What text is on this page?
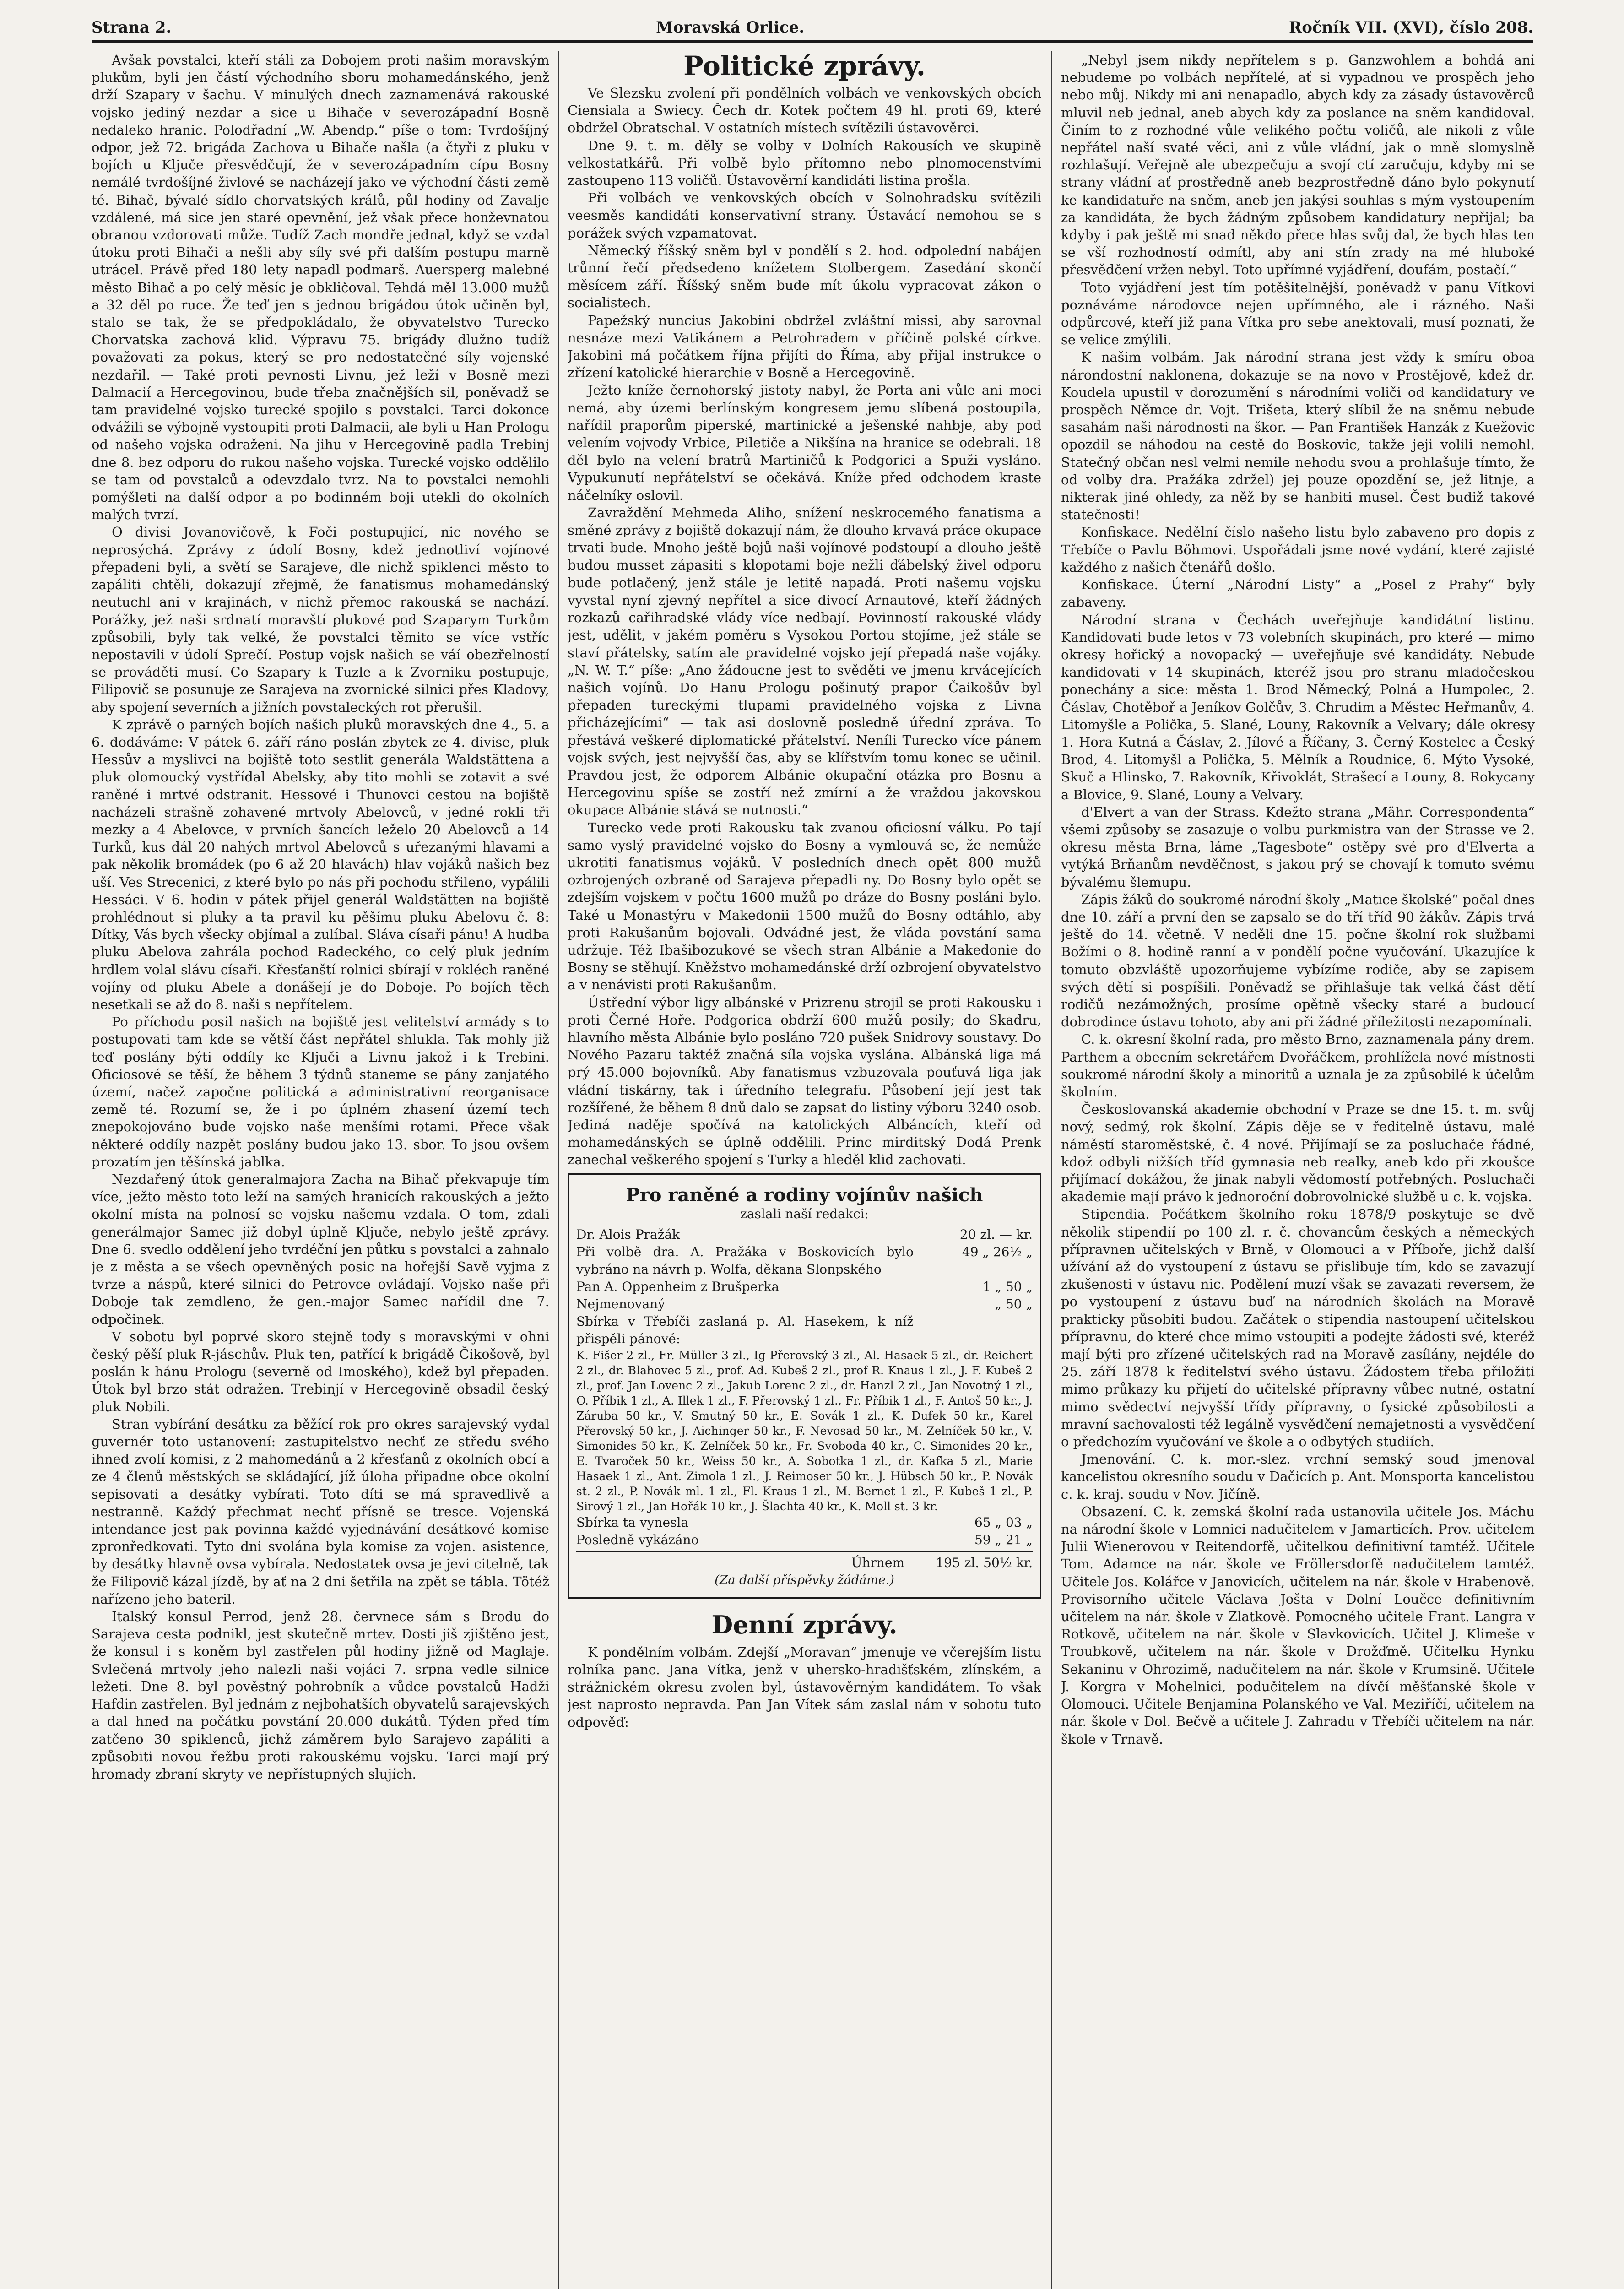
Strana 2.	Moravská Orlice.	Ročník VII. (XVI), číslo 208.

Avšak povstalci, kteří stáli za Dobojem proti našim moravským plukům, byli jen částí východního sboru mohamedánského, jenž drží Szapary v šachu. V minulých dnech zaznamenává rakouské vojsko jediný nezdar a sice u Bihače v severozápadní Bosně nedaleko hranic. Polodřadní „W. Abendp.“ píše o tom: Tvrdošíjný odpor, jež 72. brigáda Zachova u Bihače našla (a čtyři z pluku v bojích u Ključe přesvědčují, že v severozápadním cípu Bosny nemálé tvrdošíjné živlové se nacházejí jako ve východní části země té. Bihač, bývalé sídlo chorvatských králů, půl hodiny od Zavalje vzdálené, má sice jen staré opevnění, jež však přece honževnatou obranou vzdorovati může. Tudíž Zach mondře jednal, když se vzdal útoku proti Bihači a nešli aby síly své při dalším postupu marně utrácel. Právě před 180 lety napadl podmarš. Auersperg malebné město Bihač a po celý měsíc je obkličoval. Tehdá měl 13.000 mužů a 32 děl po ruce. Že teď jen s jednou brigádou útok učiněn byl, stalo se tak, že se předpokládalo, že obyvatelstvo Turecko Chorvatska zachová klid. Výpravu 75. brigády dlužno tudíž považovati za pokus, který se pro nedostatečné síly vojenské nezdařil. — Také proti pevnosti Livnu, jež leží v Bosně mezi Dalmacií a Hercegovinou, bude třeba značnějších sil, poněvadž se tam pravidelné vojsko turecké spojilo s povstalci. Tarci dokonce odvážili se výbojně vystoupiti proti Dalmacii, ale byli u Han Prologu od našeho vojska odraženi. Na jihu v Hercegovině padla Trebinj dne 8. bez odporu do rukou našeho vojska. Turecké vojsko oddělilo se tam od povstalců a odevzdalo tvrz. Na to povstalci nemohli pomýšleti na další odpor a po bodinném boji utekli do okolních malých tvrzí.

O divisi Jovanovičově, k Foči postupující, nic nového se neprosýchá. Zprávy z údolí Bosny, kdež jednotliví vojínové přepadeni byli, a světí se Sarajeve, dle nichž spiklenci město to zapáliti chtěli, dokazují zřejmě, že fanatismus mohamedánský neutuchl ani v krajinách, v nichž přemoc rakouská se nachází. Porážky, jež naši srdnatí moravští plukové pod Szaparym Turkům způsobili, byly tak velké, že povstalci těmito se více vstříc nepostavili v údolí Sprečí. Postup vojsk našich se váí obezřelností se prováděti musí. Co Szapary k Tuzle a k Zvorniku postupuje, Filipovič se posunuje ze Sarajeva na zvornické silnici přes Kladovy, aby spojení severních a jižních povstaleckých rot přerušil.

K zprávě o parných bojích našich pluků moravských dne 4., 5. a 6. dodáváme: V pátek 6. září ráno poslán zbytek ze 4. divise, pluk Hessův a myslivci na bojiště toto sestlit generála Waldstättena a pluk olomoucký vystřídal Abelsky, aby tito mohli se zotavit a své raněné i mrtvé odstranit. Hessové i Thunovci cestou na bojiště nacházeli strašně zohavené mrtvoly Abelovců, v jedné rokli tři mezky a 4 Abelovce, v prvních šancích leželo 20 Abelovců a 14 Turků, kus dál 20 nahých mrtvol Abelovců s uřezanými hlavami a pak několik bromádek (po 6 až 20 hlavách) hlav vojáků našich bez uší. Ves Strecenici, z které bylo po nás při pochodu střileno, vypálili Hessáci. V 6. hodin v pátek přijel generál Waldstätten na bojiště prohlédnout si pluky a ta pravil ku pěšímu pluku Abelovu č. 8: Dítky, Vás bych všecky objímal a zulíbal. Sláva císaři pánu! A hudba pluku Abelova zahrála pochod Radeckého, co celý pluk jedním hrdlem volal slávu císaři. Křesťanští rolnici sbírají v rokléch raněné vojíny od pluku Abele a donášejí je do Doboje. Po bojích těch nesetkali se až do 8. naši s nepřítelem.

Po příchodu posil našich na bojiště jest velitelství armády s to postupovati tam kde se větší část nepřátel shlukla. Tak mohly již teď poslány býti oddíly ke Ključi a Livnu jakož i k Trebini. Oficiosové se těší, že během 3 týdnů staneme se pány zanjatého území, načež započne politická a administrativní reorganisace země té. Rozumí se, že i po úplném zhasení území tech znepokojováno bude vojsko naše menšími rotami. Přece však některé oddíly nazpět poslány budou jako 13. sbor. To jsou ovšem prozatím jen těšínská jablka.

Nezdařený útok generalmajora Zacha na Bihač překvapuje tím více, ježto město toto leží na samých hranicích rakouských a ježto okolní místa na polnosí se vojsku našemu vzdala. O tom, zdali generálmajor Samec již dobyl úplně Ključe, nebylo ještě zprávy. Dne 6. svedlo oddělení jeho tvrdéční jen půtku s povstalci a zahnalo je z města a se všech opevněných posic na hořejší Savě vyjma z tvrze a náspů, které silnici do Petrovce ovládají. Vojsko naše při Doboje tak zemdleno, že gen.-major Samec nařídil dne 7. odpočinek.

V sobotu byl poprvé skoro stejně tody s moravskými v ohni český pěší pluk R-jáschův. Pluk ten, patřící k brigádě Čikošově, byl poslán k hánu Prologu (severně od Imoského), kdež byl přepaden. Útok byl brzo stát odražen. Trebinjí v Hercegovině obsadil český pluk Nobili.

Stran vybírání desátku za běžící rok pro okres sarajevský vydal guvernér toto ustanovení: zastupitelstvo nechť ze středu svého ihned zvolí komisi, z 2 mahomedánů a 2 křesťanů z okolních obcí a ze 4 členů městských se skládající, jíž úloha připadne obce okolní sepisovati a desátky vybírati. Toto díti se má spravedlivě a nestranně. Každý přechmat nechť přísně se tresce. Vojenská intendance jest pak povinna každé vyjednávání desátkové komise zpronředkovati. Tyto dni svolána byla komise za vojen. asistence, by desátky hlavně ovsa vybírala. Nedostatek ovsa je jevi citelně, tak že Filipovič kázal jízdě, by ať na 2 dni šetřila na zpět se tábla. Tötéž nařízeno jeho bateril.

Italský konsul Perrod, jenž 28. červnece sám s Brodu do Sarajeva cesta podnikl, jest skutečně mrtev. Dosti jiš zjištěno jest, že konsul i s koněm byl zastřelen půl hodiny jižně od Maglaje. Svlečená mrtvoly jeho nalezli naši vojáci 7. srpna vedle silnice ležeti. Dne 8. byl pověstný pohrobník a vůdce povstalců Hadži Hafdin zastřelen. Byl jednám z nejbohatších obyvatelů sarajevských a dal hned na počátku povstání 20.000 dukátů. Týden před tím zatčeno 30 spiklenců, jichž záměrem bylo Sarajevo zapáliti a způsobiti novou řežbu proti rakouskému vojsku. Tarci mají prý hromady zbraní skryty ve nepřístupných slujích.

Politické zprávy.

Ve Slezsku zvolení při pondělních volbách ve venkovských obcích Ciensiala a Swiecy. Čech dr. Kotek počtem 49 hl. proti 69, které obdržel Obratschal. V ostatních místech svítězili ústavověrci.

Dne 9. t. m. děly se volby v Dolních Rakousích ve skupině velkostatkářů. Při volbě bylo přítomno nebo plnomocenstvími zastoupeno 113 voličů. Ústavověrní kandidáti listina prošla.

Při volbách ve venkovských obcích v Solnohradsku svítězili veesměs kandidáti konservativní strany. Ústavácí nemohou se s porážek svých vzpamatovat.

Německý říšský sněm byl v pondělí s 2. hod. odpolední nabájen trůnní řečí předsedeno knížetem Stolbergem. Zasedání skončí měsícem září. Říšský sněm bude mít úkolu vypracovat zákon o socialistech.

Papežský nuncius Jakobini obdržel zvláštní missi, aby sarovnal nesnáze mezi Vatikánem a Petrohradem v příčině polské církve. Jakobini má počátkem října přijíti do Říma, aby přijal instrukce o zřízení katolické hierarchie v Bosně a Hercegovině.

Ježto kníže černohorský jistoty nabyl, že Porta ani vůle ani moci nemá, aby územi berlínským kongresem jemu slíbená postoupila, nařídil praporům piperské, martinické a ješenské nahbje, aby pod velením vojvody Vrbice, Piletiče a Nikšína na hranice se odebrali. 18 děl bylo na velení bratrů Martiničů k Podgorici a Spuži vysláno. Vypukunutí nepřátelství se očekává. Kníže před odchodem kraste náčelníky oslovil.

Zavraždění Mehmeda Aliho, snížení neskrocemého fanatisma a směné zprávy z bojiště dokazují nám, že dlouho krvavá práce okupace trvati bude. Mnoho ještě bojů naši vojínové podstoupí a dlouho ještě budou musset zápasiti s klopotami boje nežli ďábelský živel odporu bude potlačený, jenž stále je letitě napadá. Proti našemu vojsku vyvstal nyní zjevný nepřítel a sice divocí Arnautové, kteří žádných rozkazů cařihradské vlády více nedbají. Povinností rakouské vlády jest, udělit, v jakém poměru s Vysokou Portou stojíme, jež stále se staví přátelsky, satím ale pravidelné vojsko její přepadá naše vojáky. „N. W. T.“ píše: „Ano žádoucne jest to svěděti ve jmenu krvácejících našich vojínů. Do Hanu Prologu pošinutý prapor Čaikošův byl přepaden tureckými tlupami pravidelného vojska z Livna přicházejícími“ — tak asi doslovně posledně úřední zpráva. To přestává veškeré diplomatické přátelství. Neníli Turecko více pánem vojsk svých, jest nejvyšší čas, aby se klířstvím tomu konec se učinil. Pravdou jest, že odporem Albánie okupační otázka pro Bosnu a Hercegovinu spíše se zostří než zmírní a že vraždou jakovskou okupace Albánie stává se nutnosti.“

Turecko vede proti Rakousku tak zvanou oficiosní válku. Po tají samo vyslý pravidelné vojsko do Bosny a vymlouvá se, že nemůže ukrotiti fanatismus vojáků. V posledních dnech opět 800 mužů ozbrojených ozbraně od Sarajeva přepadli ny. Do Bosny bylo opět se zdejším vojskem v počtu 1600 mužů po dráze do Bosny posláni bylo. Také u Monastýru v Makedonii 1500 mužů do Bosny odtáhlo, aby proti Rakušanům bojovali. Odvádné jest, že vláda povstání sama udržuje. Též Ibašibozukové se všech stran Albánie a Makedonie do Bosny se stěhují. Kněžstvo mohamedánské drží ozbrojení obyvatelstvo a v nenávisti proti Rakušanům.

Ústřední výbor ligy albánské v Prizrenu strojil se proti Rakousku i proti Černé Hoře. Podgorica obdrží 600 mužů posily; do Skadru, hlavního města Albánie bylo posláno 720 pušek Snidrovy soustavy. Do Nového Pazaru taktéž značná síla vojska vyslána. Albánská liga má prý 45.000 bojovníků. Aby fanatismus vzbuzovala pouťuvá liga jak vládní tiskárny, tak i úředního telegrafu. Působení její jest tak rozšířené, že během 8 dnů dalo se zapsat do listiny výboru 3240 osob. Jediná naděje spočívá na katolických Albáncích, kteří od mohamedánských se úplně oddělili. Princ mirditský Dodá Prenk zanechal veškerého spojení s Turky a hleděl klid zachovati.

Pro raněné a rodiny vojínův našich
zaslali naší redakci:
Dr. Alois Pražák	20 zl. — kr.
Při volbě dra. A. Pražáka v Boskovicích bylo vybráno na návrh p. Wolfa, děkana Slonpského
49 „ 26½ „
Pan A. Oppenheim z Brušperka	1 „ 50 „
Nejmenovaný	„ 50 „
Sbírka v Třebíči zaslaná p. Al. Hasekem, k níž přispěli pánové:
K. Fišer 2 zl., Fr. Müller 3 zl., Ig Přerovský 3 zl., Al. Hasaek 5 zl., dr. Reichert 2 zl., dr. Blahovec 5 zl., prof. Ad. Kubeš 2 zl., prof R. Knaus 1 zl., J. F. Kubeš 2 zl., prof. Jan Lovenc 2 zl., Jakub Lorenc 2 zl., dr. Hanzl 2 zl., Jan Novotný 1 zl., O. Příbik 1 zl., A. Illek 1 zl., F. Přerovský 1 zl., Fr. Příbik 1 zl., F. Antoš 50 kr., J. Záruba 50 kr., V. Smutný 50 kr., E. Sovák 1 zl., K. Dufek 50 kr., Karel Přerovský 50 kr., J. Aichinger 50 kr., F. Nevosad 50 kr., M. Zelníček 50 kr., V. Simonides 50 kr., K. Zelníček 50 kr., Fr. Svoboda 40 kr., C. Simonides 20 kr., E. Tvaroček 50 kr., Weiss 50 kr., A. Sobotka 1 zl., dr. Kafka 5 zl., Marie Hasaek 1 zl., Ant. Zimola 1 zl., J. Reimoser 50 kr., J. Hübsch 50 kr., P. Novák st. 2 zl., P. Novák ml. 1 zl., Fl. Kraus 1 zl., M. Bernet 1 zl., F. Kubeš 1 zl., P. Sirový 1 zl., Jan Hořák 10 kr., J. Šlachta 40 kr., K. Moll st. 3 kr.
Sbírka ta vynesla	65 „ 03 „
Posledně vykázáno	59 „ 21 „
Úhrnem	195 zl. 50½ kr.
(Za další příspěvky žádáme.)
Denní zprávy.

K pondělním volbám. Zdejší „Moravan“ jmenuje ve včerejším listu rolníka panc. Jana Vítka, jenž v uhersko-hradišťském, zlínském, a strážnickém okresu zvolen byl, ústavověrným kandidátem. To však jest naprosto nepravda. Pan Jan Vítek sám zaslal nám v sobotu tuto odpověď:

„Nebyl jsem nikdy nepřítelem s p. Ganzwohlem a bohdá ani nebudeme po volbách nepřítelé, ať si vypadnou ve prospěch jeho nebo můj. Nikdy mi ani nenapadlo, abych kdy za zásady ústavověrců mluvil neb jednal, aneb abych kdy za poslance na sněm kandidoval. Činím to z rozhodné vůle velikého počtu voličů, ale nikoli z vůle nepřátel naší svaté věci, ani z vůle vládní, jak o mně slomyslně rozhlašují. Veřejně ale ubezpečuju a svojí ctí zaručuju, kdyby mi se strany vládní ať prostředně aneb bezprostředně dáno bylo pokynutí ke kandidatuře na sněm, aneb jen jakýsi souhlas s mým vystoupením za kandidáta, že bych žádným způsobem kandidatury nepřijal; ba kdyby i pak ještě mi snad někdo přece hlas svůj dal, že bych hlas ten se vší rozhodností odmítl, aby ani stín zrady na mé hluboké přesvědčení vržen nebyl. Toto upřímné vyjádření, doufám, postačí.“

Toto vyjádření jest tím potěšitelnější, poněvadž v panu Vítkovi poznáváme národovce nejen upřímného, ale i rázného. Naši odpůrcové, kteří již pana Vítka pro sebe anektovali, musí poznati, že se velice zmýlili.

K našim volbám. Jak národní strana jest vždy k smíru oboa nárondostní naklonena, dokazuje se na novo v Prostějově, kdež dr. Koudela upustil v dorozumění s národními voliči od kandidatury ve prospěch Němce dr. Vojt. Trišeta, který slíbil že na sněmu nebude sasahám naši národnosti na škor. — Pan František Hanzák z Kuežovic opozdil se náhodou na cestě do Boskovic, takže jeji volili nemohl. Statečný občan nesl velmi nemile nehodu svou a prohlašuje tímto, že od volby dra. Pražáka zdržel) jej pouze opozdění se, jež litnje, a nikterak jiné ohledy, za něž by se hanbiti musel. Čest budiž takové statečnosti!

Konfiskace. Nedělní číslo našeho listu bylo zabaveno pro dopis z Třebíče o Pavlu Böhmovi. Uspořádali jsme nové vydání, které zajisté každého z našich čtenářů došlo.

Konfiskace. Úterní „Národní Listy“ a „Posel z Prahy“ byly zabaveny.

Národní strana v Čechách uveřejňuje kandidátní listinu. Kandidovati bude letos v 73 volebních skupinách, pro které — mimo okresy hořický a novopacký — uveřejňuje své kandidáty. Nebude kandidovati v 14 skupinách, kteréž jsou pro stranu mladočeskou ponechány a sice: města 1. Brod Německý, Polná a Humpolec, 2. Čáslav, Chotěboř a Jeníkov Golčův, 3. Chrudim a Městec Heřmanův, 4. Litomyšle a Polička, 5. Slané, Louny, Rakovník a Velvary; dále okresy 1. Hora Kutná a Čáslav, 2. Jílové a Říčany, 3. Černý Kostelec a Český Brod, 4. Litomyšl a Polička, 5. Mělník a Roudnice, 6. Mýto Vysoké, Skuč a Hlinsko, 7. Rakovník, Křivoklát, Strašecí a Louny, 8. Rokycany a Blovice, 9. Slané, Louny a Velvary.

d'Elvert a van der Strass. Kdežto strana „Mähr. Correspondenta“ všemi způsoby se zasazuje o volbu purkmistra van der Strasse ve 2. okresu města Brna, láme „Tagesbote“ ostěpy své pro d'Elverta a vytýká Brňanům nevděčnost, s jakou prý se chovají k tomuto svému bývalému šlemupu.

Zápis žáků do soukromé národní školy „Matice školské“ počal dnes dne 10. září a první den se zapsalo se do tří tříd 90 žákův. Zápis trvá ještě do 14. včetně. V neděli dne 15. počne školní rok službami Božími o 8. hodině ranní a v pondělí počne vyučování. Ukazujíce k tomuto obzvláště upozorňujeme vybízíme rodiče, aby se zapisem svých dětí si pospíšili. Poněvadž se přihlašuje tak velká část dětí rodičů nezámožných, prosíme opětně všecky staré a budoucí dobrodince ústavu tohoto, aby ani při žádné příležitosti nezapomínali.

C. k. okresní školní rada, pro město Brno, zaznamenala pány drem. Parthem a obecním sekretářem Dvořáčkem, prohlížela nové místnosti soukromé národní školy a minoritů a uznala je za způsobilé k účelům školním.

Českoslovanská akademie obchodní v Praze se dne 15. t. m. svůj nový, sedmý, rok školní. Zápis děje se v ředitelně ústavu, malé náměstí staroměstské, č. 4 nové. Přijímají se za posluchače řádné, kdož odbyli nižších tříd gymnasia neb realky, aneb kdo při zkoušce přijímací dokážou, že jinak nabyli vědomostí potřebných. Posluchači akademie mají právo k jednoroční dobrovolnické službě u c. k. vojska.

Stipendia. Počátkem školního roku 1878/9 poskytuje se dvě několik stipendií po 100 zl. r. č. chovancům českých a německých přípravnen učitelských v Brně, v Olomouci a v Příboře, jichž další užívání až do vystoupení z ústavu se přislibuje tím, kdo se zavazují zkušenosti v ústavu nic. Podělení muzí však se zavazati reversem, že po vystoupení z ústavu buď na národních školách na Moravě prakticky působiti budou. Začátek o stipendia nastoupení učitelskou přípravnu, do které chce mimo vstoupiti a podejte žádosti své, kteréž mají býti pro zřízené učitelských rad na Moravě zasílány, nejdéle do 25. září 1878 k ředitelství svého ústavu. Žádostem třeba přiložiti mimo průkazy ku přijetí do učitelské přípravny vůbec nutné, ostatní mimo svědectví nejvyšší třídy přípravny, o fysické způsobilosti a mravní sachovalosti též legálně vysvědčení nemajetnosti a vysvědčení o předchozím vyučování ve škole a o odbytých studiích.

Jmenování. C. k. mor.-slez. vrchní semský soud jmenoval kancelistou okresního soudu v Dačicích p. Ant. Monsporta kancelistou c. k. kraj. soudu v Nov. Jičíně.

Obsazení. C. k. zemská školní rada ustanovila učitele Jos. Máchu na národní škole v Lomnici nadučitelem v Jamarticích. Prov. učitelem Julii Wienerovou v Reitendorfě, učitelkou definitivní tamtéž. Učitele Tom. Adamce na nár. škole ve Fröllersdorfě nadučitelem tamtéž. Učitele Jos. Kolářce v Janovicích, učitelem na nár. škole v Hrabenově. Provisorního učitele Václava Jošta v Dolní Loučce definitivním učitelem na nár. škole v Zlatkově. Pomocného učitele Frant. Langra v Rotkově, učitelem na nár. škole v Slavkovicích. Učitel J. Klimeše v Troubkově, učitelem na nár. škole v Drožďmě. Učitelku Hynku Sekaninu v Ohrozimě, nadučitelem na nár. škole v Krumsině. Učitele J. Korgra v Mohelnici, podučitelem na dívčí měšťanské škole v Olomouci. Učitele Benjamina Polanského ve Val. Meziříčí, učitelem na nár. škole v Dol. Bečvě a učitele J. Zahradu v Třebíči učitelem na nár. škole v Trnavě.
